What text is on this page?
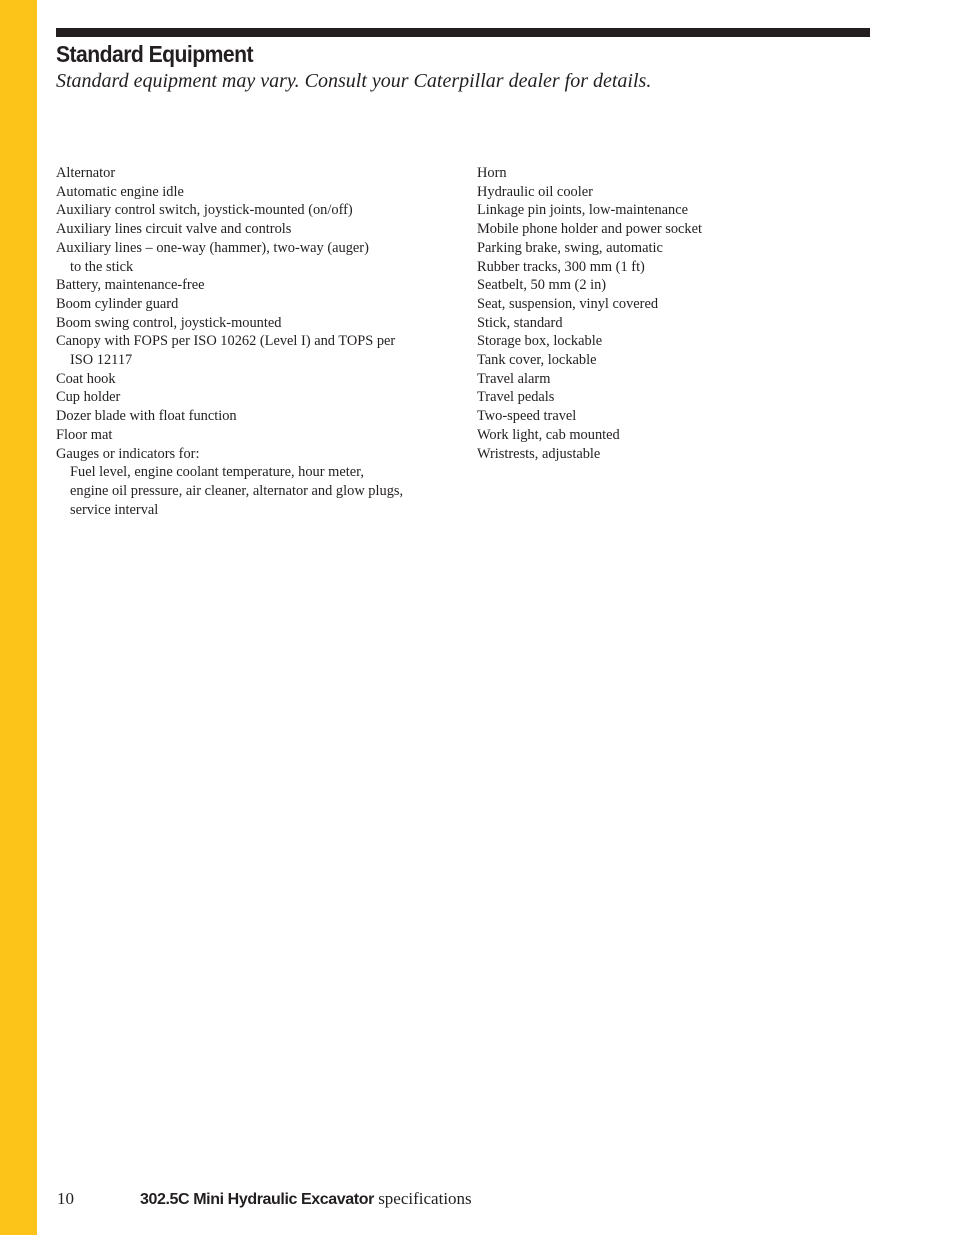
Standard Equipment

Standard equipment may vary. Consult your Caterpillar dealer for details.

Alternator
Automatic engine idle
Auxiliary control switch, joystick-mounted (on/off)
Auxiliary lines circuit valve and controls
Auxiliary lines – one-way (hammer), two-way (auger)
to the stick
Battery, maintenance-free
Boom cylinder guard
Boom swing control, joystick-mounted
Canopy with FOPS per ISO 10262 (Level I) and TOPS per
ISO 12117
Coat hook
Cup holder
Dozer blade with float function
Floor mat
Gauges or indicators for:
Fuel level, engine coolant temperature, hour meter,
engine oil pressure, air cleaner, alternator and glow plugs,
service interval
Horn
Hydraulic oil cooler
Linkage pin joints, low-maintenance
Mobile phone holder and power socket
Parking brake, swing, automatic
Rubber tracks, 300 mm (1 ft)
Seatbelt, 50 mm (2 in)
Seat, suspension, vinyl covered
Stick, standard
Storage box, lockable
Tank cover, lockable
Travel alarm
Travel pedals
Two-speed travel
Work light, cab mounted
Wristrests, adjustable
10	302.5C Mini Hydraulic Excavator specifications
